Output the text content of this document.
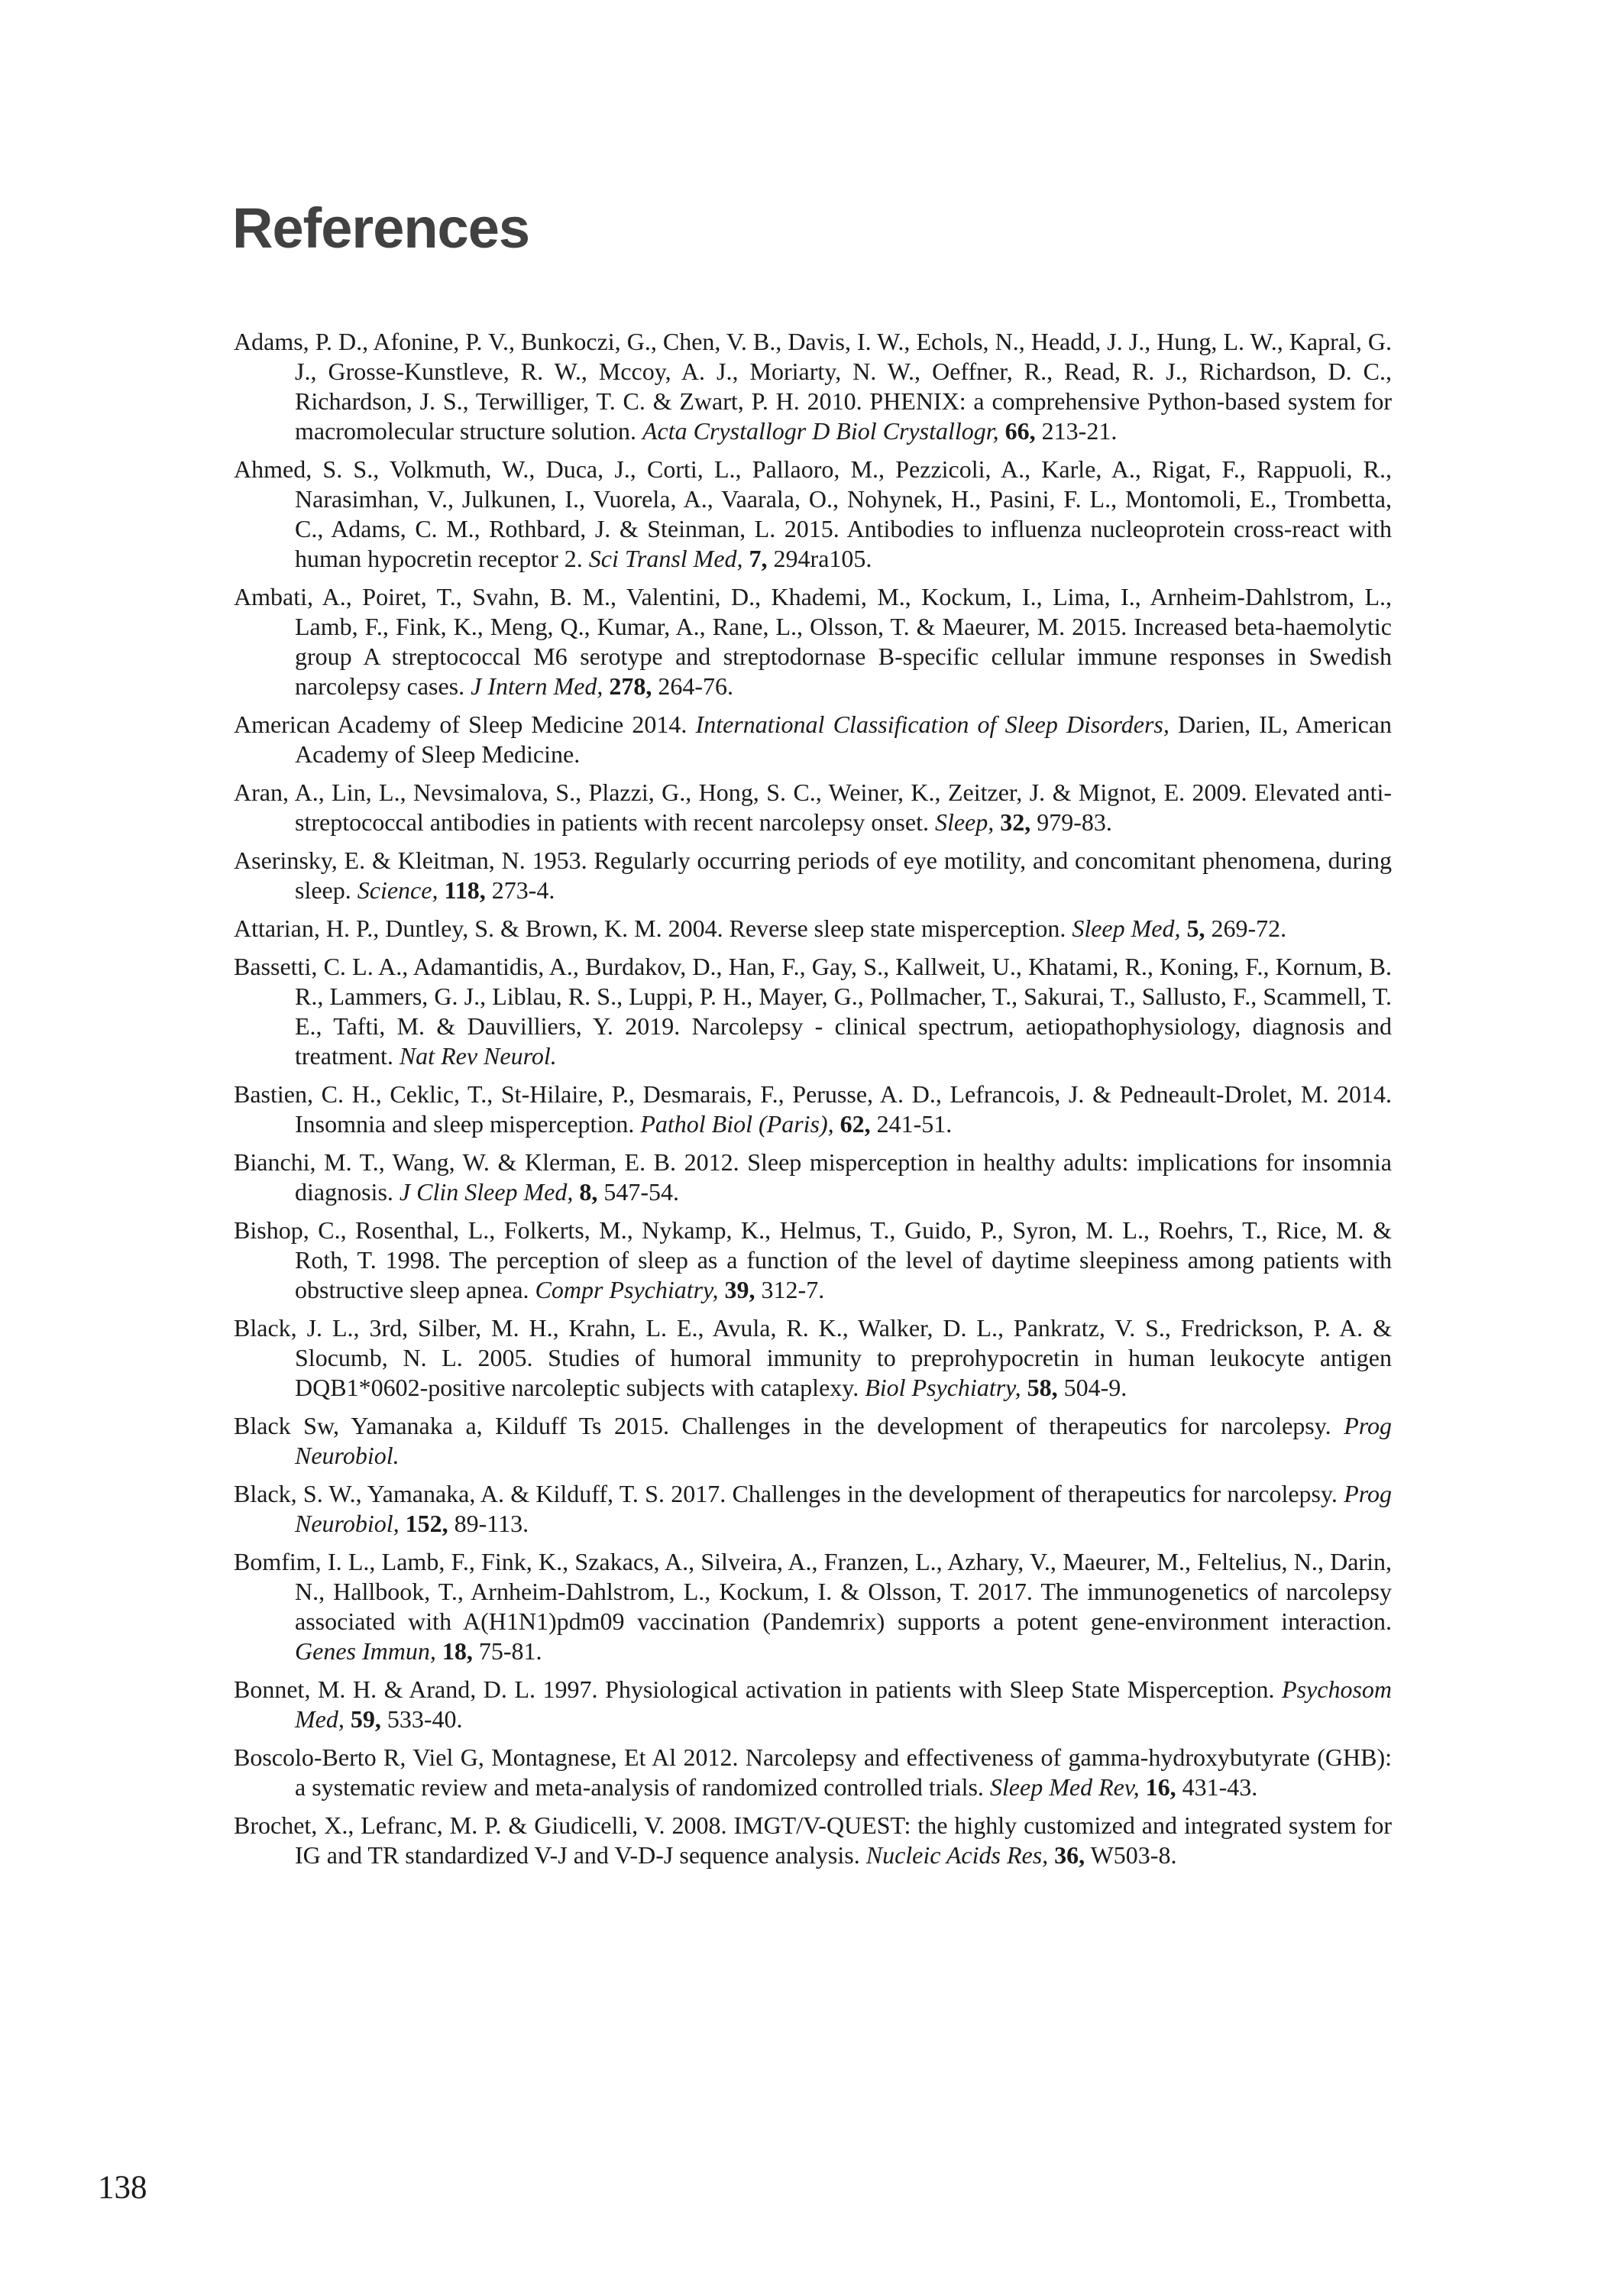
References

Adams, P. D., Afonine, P. V., Bunkoczi, G., Chen, V. B., Davis, I. W., Echols, N., Headd, J. J., Hung, L. W., Kapral, G. J., Grosse-Kunstleve, R. W., Mccoy, A. J., Moriarty, N. W., Oeffner, R., Read, R. J., Richardson, D. C., Richardson, J. S., Terwilliger, T. C. & Zwart, P. H. 2010. PHENIX: a comprehensive Python-based system for macromolecular structure solution. Acta Crystallogr D Biol Crystallogr, 66, 213-21.

Ahmed, S. S., Volkmuth, W., Duca, J., Corti, L., Pallaoro, M., Pezzicoli, A., Karle, A., Rigat, F., Rappuoli, R., Narasimhan, V., Julkunen, I., Vuorela, A., Vaarala, O., Nohynek, H., Pasini, F. L., Montomoli, E., Trombetta, C., Adams, C. M., Rothbard, J. & Steinman, L. 2015. Antibodies to influenza nucleoprotein cross-react with human hypocretin receptor 2. Sci Transl Med, 7, 294ra105.

Ambati, A., Poiret, T., Svahn, B. M., Valentini, D., Khademi, M., Kockum, I., Lima, I., Arnheim-Dahlstrom, L., Lamb, F., Fink, K., Meng, Q., Kumar, A., Rane, L., Olsson, T. & Maeurer, M. 2015. Increased beta-haemolytic group A streptococcal M6 serotype and streptodornase B-specific cellular immune responses in Swedish narcolepsy cases. J Intern Med, 278, 264-76.

American Academy of Sleep Medicine 2014. International Classification of Sleep Disorders, Darien, IL, American Academy of Sleep Medicine.

Aran, A., Lin, L., Nevsimalova, S., Plazzi, G., Hong, S. C., Weiner, K., Zeitzer, J. & Mignot, E. 2009. Elevated anti-streptococcal antibodies in patients with recent narcolepsy onset. Sleep, 32, 979-83.

Aserinsky, E. & Kleitman, N. 1953. Regularly occurring periods of eye motility, and concomitant phenomena, during sleep. Science, 118, 273-4.

Attarian, H. P., Duntley, S. & Brown, K. M. 2004. Reverse sleep state misperception. Sleep Med, 5, 269-72.

Bassetti, C. L. A., Adamantidis, A., Burdakov, D., Han, F., Gay, S., Kallweit, U., Khatami, R., Koning, F., Kornum, B. R., Lammers, G. J., Liblau, R. S., Luppi, P. H., Mayer, G., Pollmacher, T., Sakurai, T., Sallusto, F., Scammell, T. E., Tafti, M. & Dauvilliers, Y. 2019. Narcolepsy - clinical spectrum, aetiopathophysiology, diagnosis and treatment. Nat Rev Neurol.

Bastien, C. H., Ceklic, T., St-Hilaire, P., Desmarais, F., Perusse, A. D., Lefrancois, J. & Pedneault-Drolet, M. 2014. Insomnia and sleep misperception. Pathol Biol (Paris), 62, 241-51.

Bianchi, M. T., Wang, W. & Klerman, E. B. 2012. Sleep misperception in healthy adults: implications for insomnia diagnosis. J Clin Sleep Med, 8, 547-54.

Bishop, C., Rosenthal, L., Folkerts, M., Nykamp, K., Helmus, T., Guido, P., Syron, M. L., Roehrs, T., Rice, M. & Roth, T. 1998. The perception of sleep as a function of the level of daytime sleepiness among patients with obstructive sleep apnea. Compr Psychiatry, 39, 312-7.

Black, J. L., 3rd, Silber, M. H., Krahn, L. E., Avula, R. K., Walker, D. L., Pankratz, V. S., Fredrickson, P. A. & Slocumb, N. L. 2005. Studies of humoral immunity to preprohypocretin in human leukocyte antigen DQB1*0602-positive narcoleptic subjects with cataplexy. Biol Psychiatry, 58, 504-9.

Black Sw, Yamanaka a, Kilduff Ts 2015. Challenges in the development of therapeutics for narcolepsy. Prog Neurobiol.

Black, S. W., Yamanaka, A. & Kilduff, T. S. 2017. Challenges in the development of therapeutics for narcolepsy. Prog Neurobiol, 152, 89-113.

Bomfim, I. L., Lamb, F., Fink, K., Szakacs, A., Silveira, A., Franzen, L., Azhary, V., Maeurer, M., Feltelius, N., Darin, N., Hallbook, T., Arnheim-Dahlstrom, L., Kockum, I. & Olsson, T. 2017. The immunogenetics of narcolepsy associated with A(H1N1)pdm09 vaccination (Pandemrix) supports a potent gene-environment interaction. Genes Immun, 18, 75-81.

Bonnet, M. H. & Arand, D. L. 1997. Physiological activation in patients with Sleep State Misperception. Psychosom Med, 59, 533-40.

Boscolo-Berto R, Viel G, Montagnese, Et Al 2012. Narcolepsy and effectiveness of gamma-hydroxybutyrate (GHB): a systematic review and meta-analysis of randomized controlled trials. Sleep Med Rev, 16, 431-43.

Brochet, X., Lefranc, M. P. & Giudicelli, V. 2008. IMGT/V-QUEST: the highly customized and integrated system for IG and TR standardized V-J and V-D-J sequence analysis. Nucleic Acids Res, 36, W503-8.

138
